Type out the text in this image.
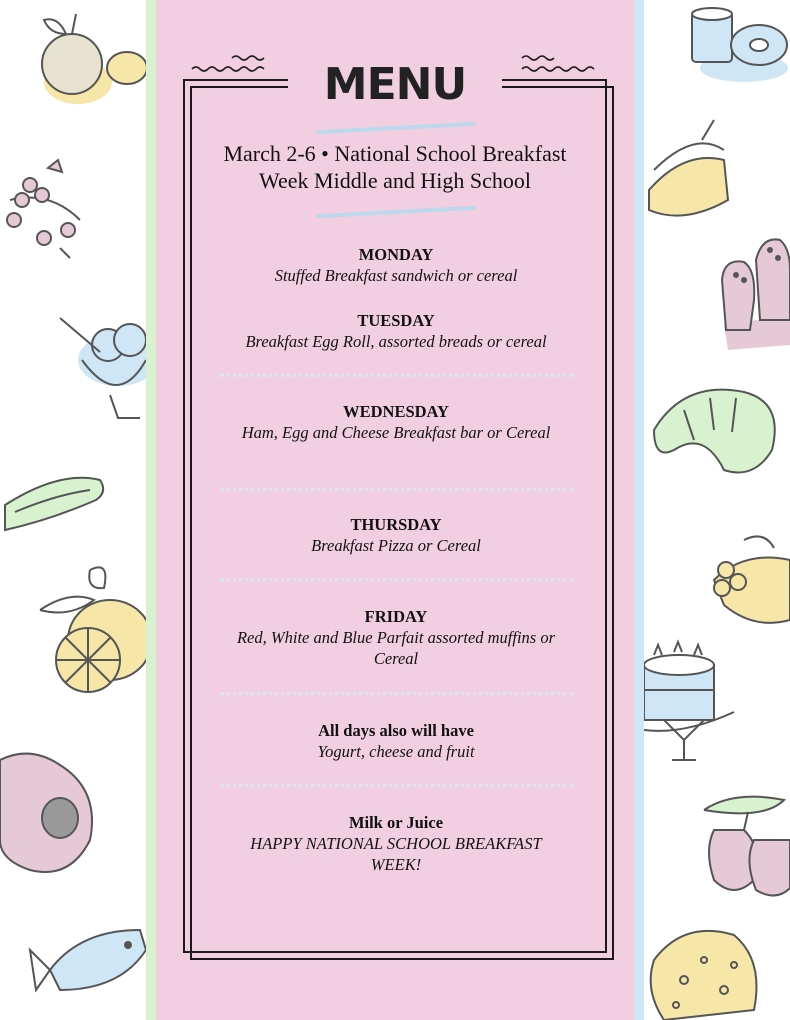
MENU
March 2-6 • National School Breakfast Week Middle and High School
MONDAY
Stuffed Breakfast sandwich or cereal
TUESDAY
Breakfast Egg Roll, assorted breads or cereal
WEDNESDAY
Ham, Egg and Cheese Breakfast bar or Cereal
THURSDAY
Breakfast Pizza or Cereal
FRIDAY
Red, White and Blue Parfait assorted muffins or Cereal
All days also will have
Yogurt, cheese and fruit
Milk or Juice
HAPPY NATIONAL SCHOOL BREAKFAST WEEK!
